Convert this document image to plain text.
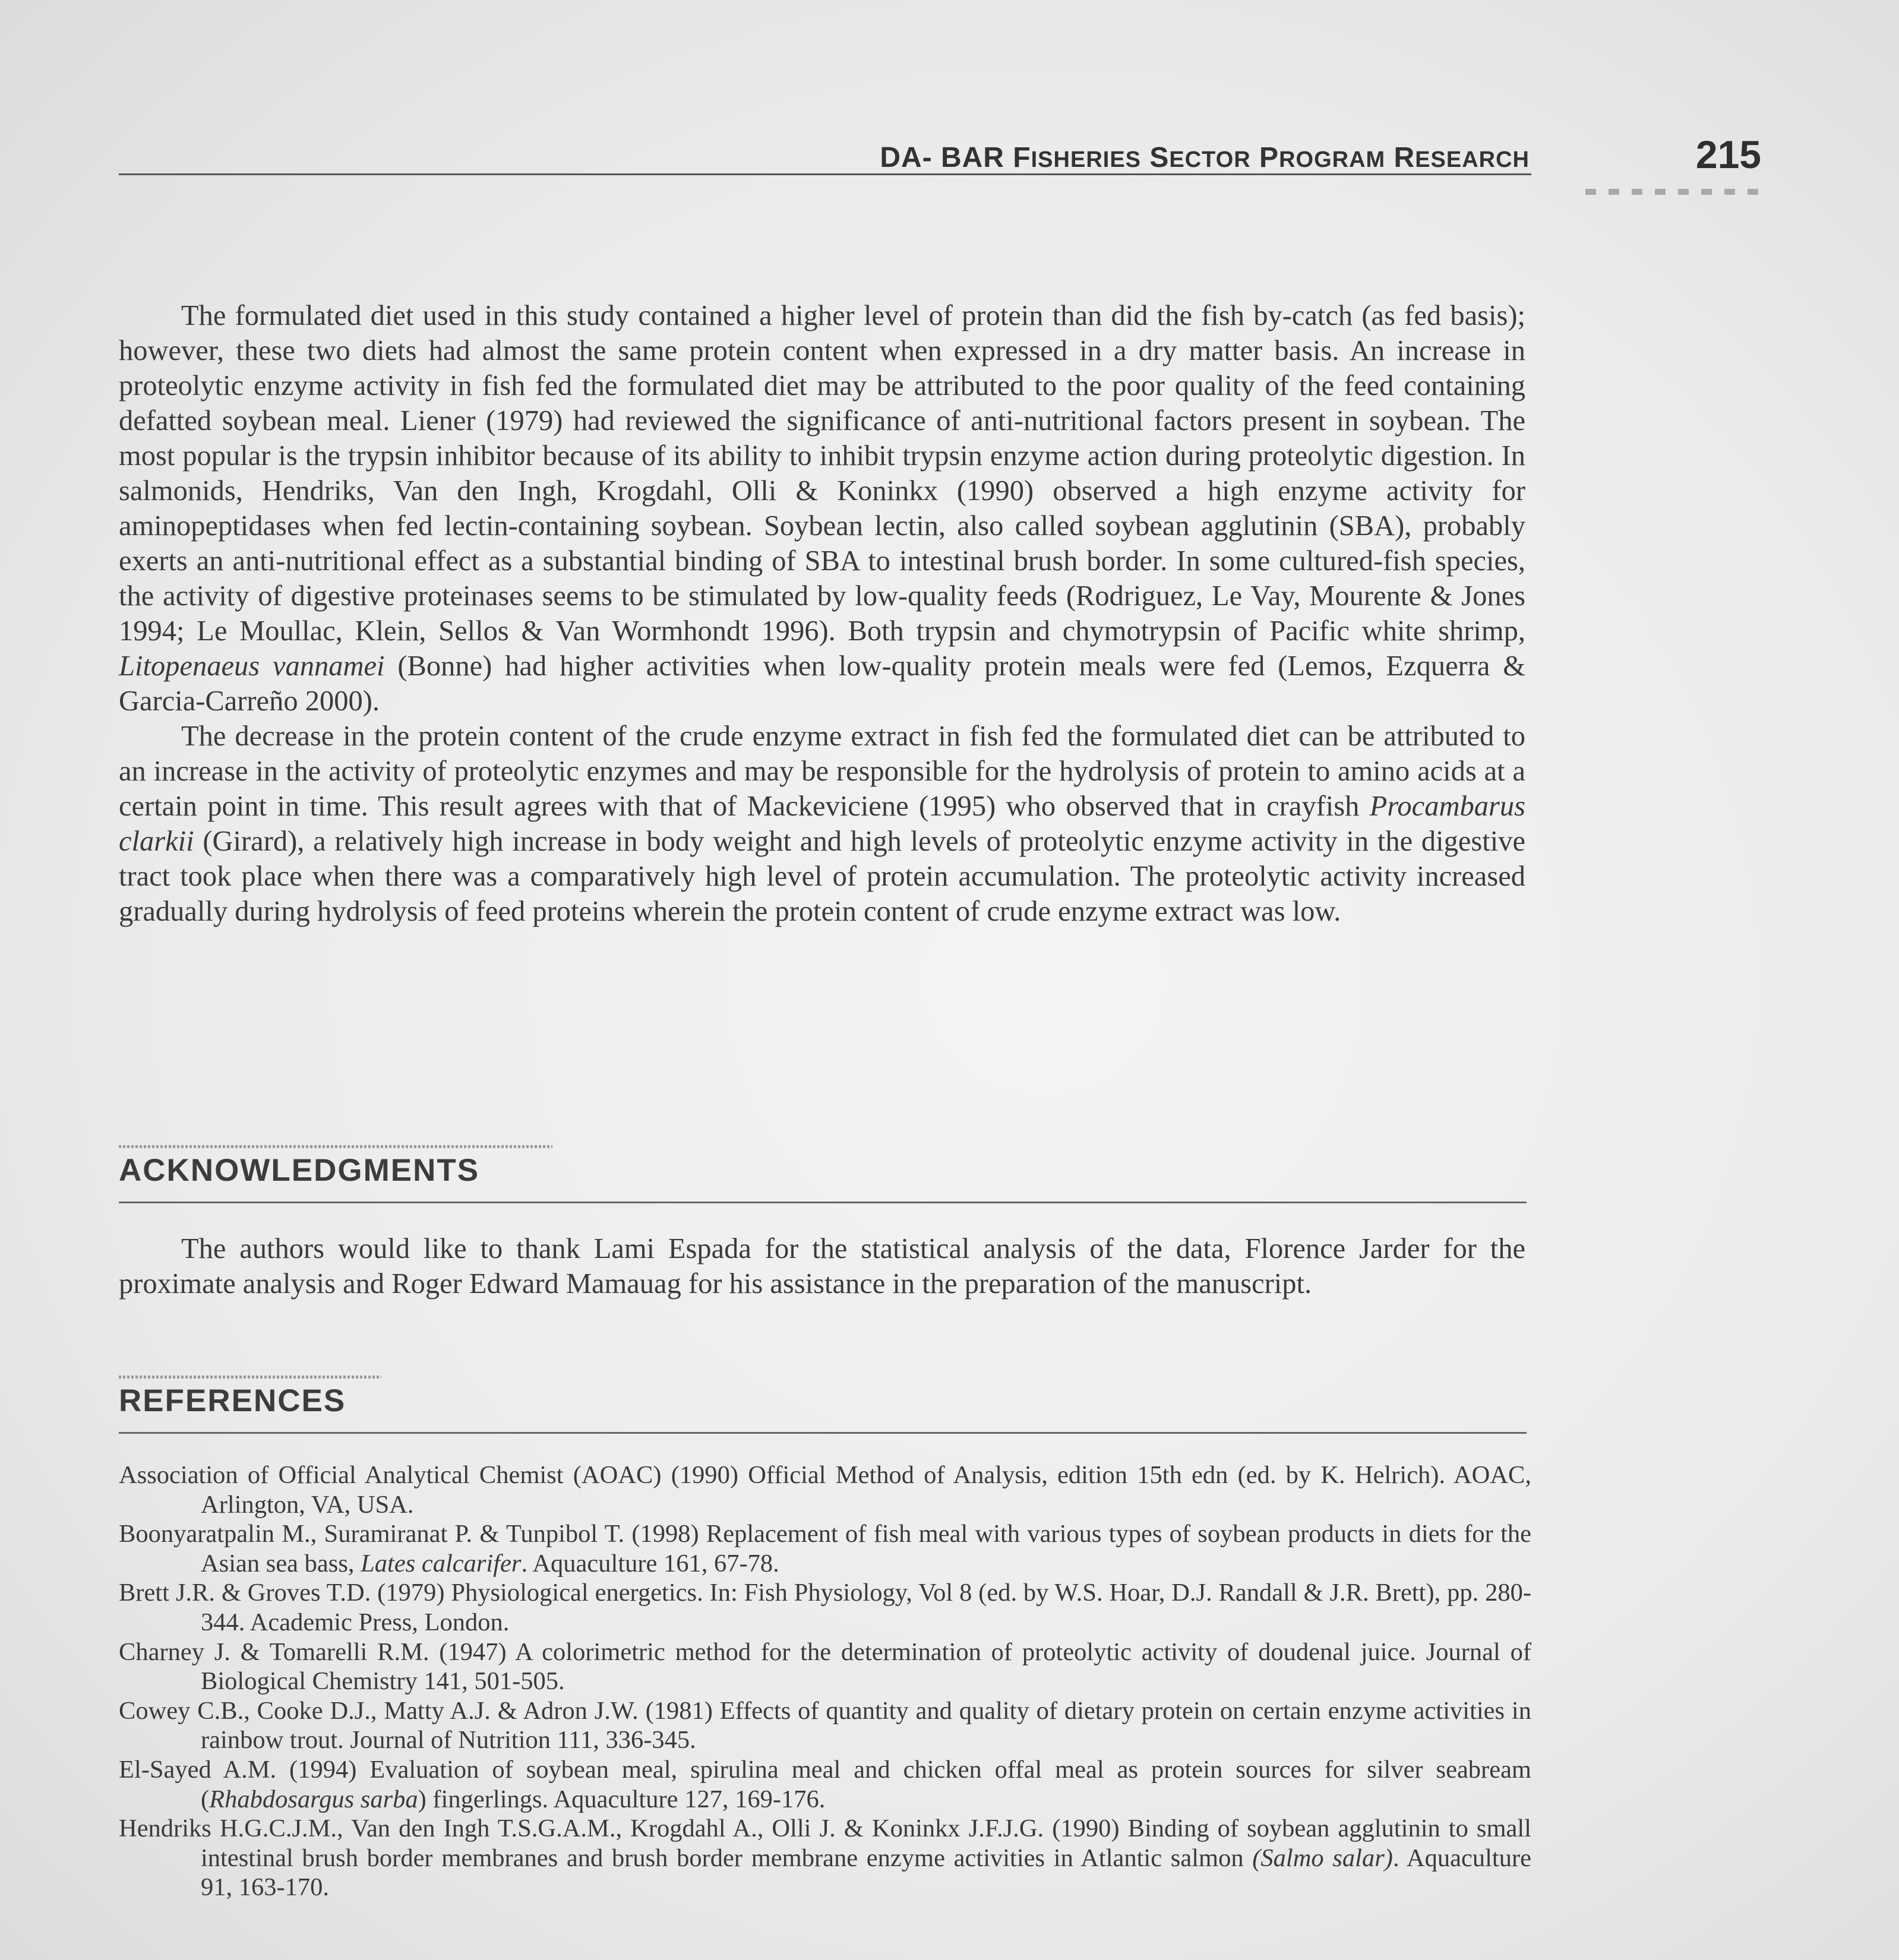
DA- BAR FISHERIES SECTOR PROGRAM RESEARCH	215

The formulated diet used in this study contained a higher level of protein than did the fish by-catch (as fed basis); however, these two diets had almost the same protein content when expressed in a dry matter basis. An increase in proteolytic enzyme activity in fish fed the formulated diet may be attributed to the poor quality of the feed containing defatted soybean meal. Liener (1979) had reviewed the significance of anti-nutritional factors present in soybean. The most popular is the trypsin inhibitor because of its ability to inhibit trypsin enzyme action during proteolytic digestion. In salmonids, Hendriks, Van den Ingh, Krogdahl, Olli & Koninkx (1990) observed a high enzyme activity for aminopeptidases when fed lectin-containing soybean. Soybean lectin, also called soybean agglutinin (SBA), probably exerts an anti-nutritional effect as a substantial binding of SBA to intestinal brush border. In some cultured-fish species, the activity of digestive proteinases seems to be stimulated by low-quality feeds (Rodriguez, Le Vay, Mourente & Jones 1994; Le Moullac, Klein, Sellos & Van Wormhondt 1996). Both trypsin and chymotrypsin of Pacific white shrimp, Litopenaeus vannamei (Bonne) had higher activities when low-quality protein meals were fed (Lemos, Ezquerra & Garcia-Carreño 2000).

The decrease in the protein content of the crude enzyme extract in fish fed the formulated diet can be attributed to an increase in the activity of proteolytic enzymes and may be responsible for the hydrolysis of protein to amino acids at a certain point in time. This result agrees with that of Mackeviciene (1995) who observed that in crayfish Procambarus clarkii (Girard), a relatively high increase in body weight and high levels of proteolytic enzyme activity in the digestive tract took place when there was a comparatively high level of protein accumulation. The proteolytic activity increased gradually during hydrolysis of feed proteins wherein the protein content of crude enzyme extract was low.

ACKNOWLEDGMENTS

The authors would like to thank Lami Espada for the statistical analysis of the data, Florence Jarder for the proximate analysis and Roger Edward Mamauag for his assistance in the preparation of the manuscript.

REFERENCES

Association of Official Analytical Chemist (AOAC) (1990) Official Method of Analysis, edition 15th edn (ed. by K. Helrich). AOAC, Arlington, VA, USA.

Boonyaratpalin M., Suramiranat P. & Tunpibol T. (1998) Replacement of fish meal with various types of soybean products in diets for the Asian sea bass, Lates calcarifer. Aquaculture 161, 67-78.

Brett J.R. & Groves T.D. (1979) Physiological energetics. In: Fish Physiology, Vol 8 (ed. by W.S. Hoar, D.J. Randall & J.R. Brett), pp. 280-344. Academic Press, London.

Charney J. & Tomarelli R.M. (1947) A colorimetric method for the determination of proteolytic activity of doudenal juice. Journal of Biological Chemistry 141, 501-505.

Cowey C.B., Cooke D.J., Matty A.J. & Adron J.W. (1981) Effects of quantity and quality of dietary protein on certain enzyme activities in rainbow trout. Journal of Nutrition 111, 336-345.

El-Sayed A.M. (1994) Evaluation of soybean meal, spirulina meal and chicken offal meal as protein sources for silver seabream (Rhabdosargus sarba) fingerlings. Aquaculture 127, 169-176.

Hendriks H.G.C.J.M., Van den Ingh T.S.G.A.M., Krogdahl A., Olli J. & Koninkx J.F.J.G. (1990) Binding of soybean agglutinin to small intestinal brush border membranes and brush border membrane enzyme activities in Atlantic salmon (Salmo salar). Aquaculture 91, 163-170.
